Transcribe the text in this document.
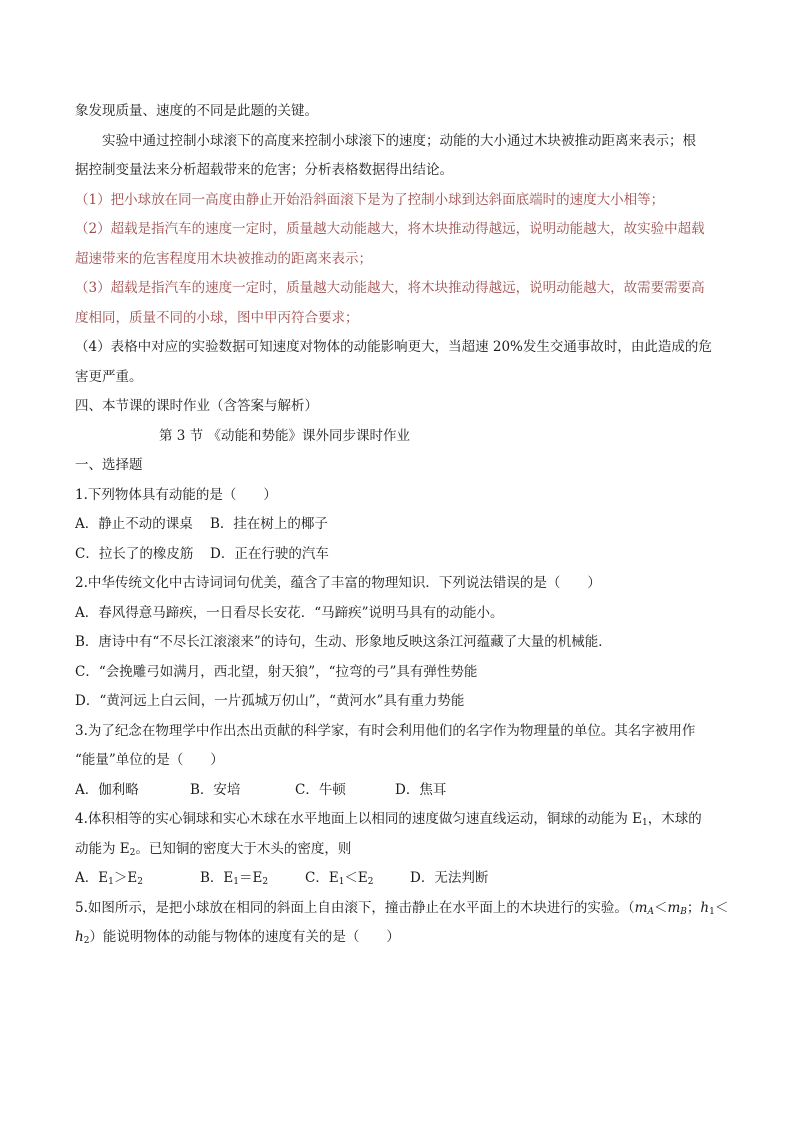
象发现质量、速度的不同是此题的关键。
实验中通过控制小球滚下的高度来控制小球滚下的速度；动能的大小通过木块被推动距离来表示；根
据控制变量法来分析超载带来的危害；分析表格数据得出结论。
（1）把小球放在同一高度由静止开始沿斜面滚下是为了控制小球到达斜面底端时的速度大小相等；
（2）超载是指汽车的速度一定时，质量越大动能越大，将木块推动得越远，说明动能越大，故实验中超载
超速带来的危害程度用木块被推动的距离来表示；
（3）超载是指汽车的速度一定时，质量越大动能越大，将木块推动得越远，说明动能越大，故需要需要高
度相同，质量不同的小球，图中甲丙符合要求；
（4）表格中对应的实验数据可知速度对物体的动能影响更大，当超速 20%发生交通事故时，由此造成的危
害更严重。
四、本节课的课时作业（含答案与解析）
第 3 节 《动能和势能》课外同步课时作业
一、选择题
1.下列物体具有动能的是（　　）
A．静止不动的课桌 B．挂在树上的椰子
C．拉长了的橡皮筋 D．正在行驶的汽车
2.中华传统文化中古诗词词句优美，蕴含了丰富的物理知识．下列说法错误的是（　　）
A．春风得意马蹄疾，一日看尽长安花．“马蹄疾”说明马具有的动能小。
B．唐诗中有“不尽长江滚滚来”的诗句，生动、形象地反映这条江河蕴藏了大量的机械能．
C．“会挽雕弓如满月，西北望，射天狼”，“拉弯的弓”具有弹性势能
D．“黄河远上白云间，一片孤城万仞山”，“黄河水”具有重力势能
3.为了纪念在物理学中作出杰出贡献的科学家，有时会利用他们的名字作为物理量的单位。其名字被用作
“能量”单位的是（　　）
A．伽利略	B．安培	C．牛顿	D．焦耳
4.体积相等的实心铜球和实心木球在水平地面上以相同的速度做匀速直线运动，铜球的动能为 $E_1$，木球的
动能为 $E_2$。已知铜的密度大于木头的密度，则
A．$E_1>E_2$	B．$E_1=E_2$	C．$E_1<E_2$	D．无法判断
5.如图所示，是把小球放在相同的斜面上自由滚下，撞击静止在水平面上的木块进行的实验。（$m_A<m_B$；$h_1<$
$h_2$）能说明物体的动能与物体的速度有关的是（　　）
